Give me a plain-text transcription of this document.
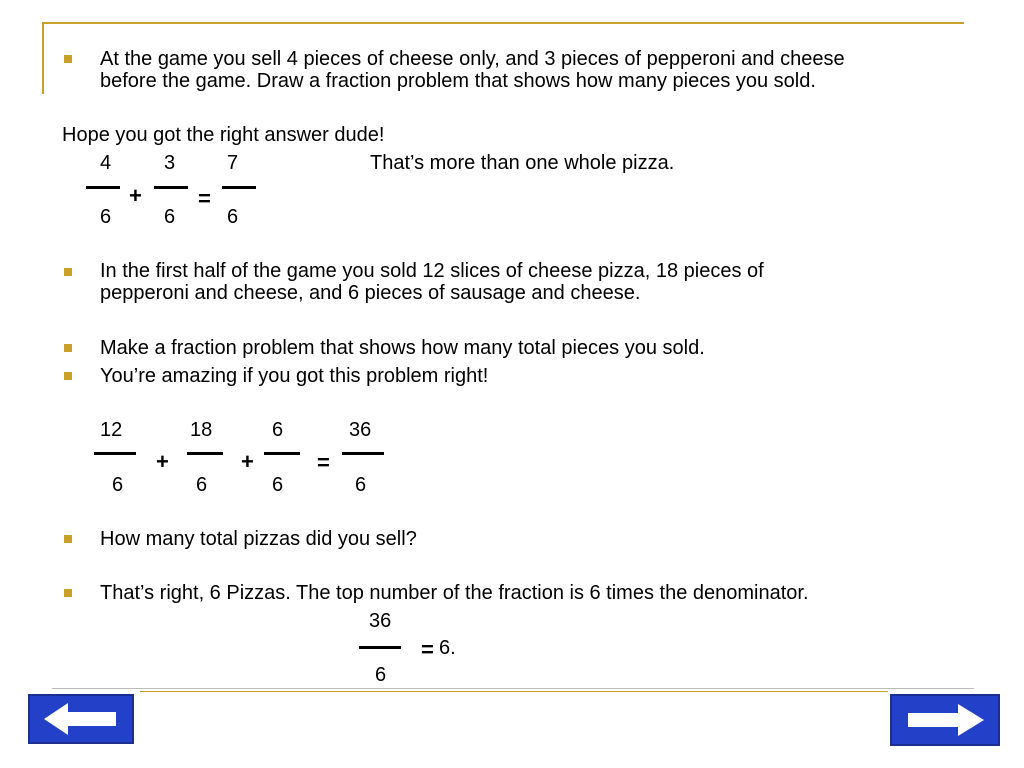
At the game you sell 4 pieces of cheese only, and 3 pieces of pepperoni and cheese
before the game. Draw a fraction problem that shows how many pieces you sold.
Hope you got the right answer dude!
4	3	7	That’s more than one whole pizza.
+	=
6	6	6
In the first half of the game you sold 12 slices of cheese pizza, 18 pieces of
pepperoni and cheese, and 6 pieces of sausage and cheese.
Make a fraction problem that shows how many total pieces you sold.
You’re amazing if you got this problem right!
12	18	6	36
+	+	=
6	6	6	6
How many total pizzas did you sell?
That’s right, 6 Pizzas. The top number of the fraction is 6 times the denominator.
36
= 6.
6
